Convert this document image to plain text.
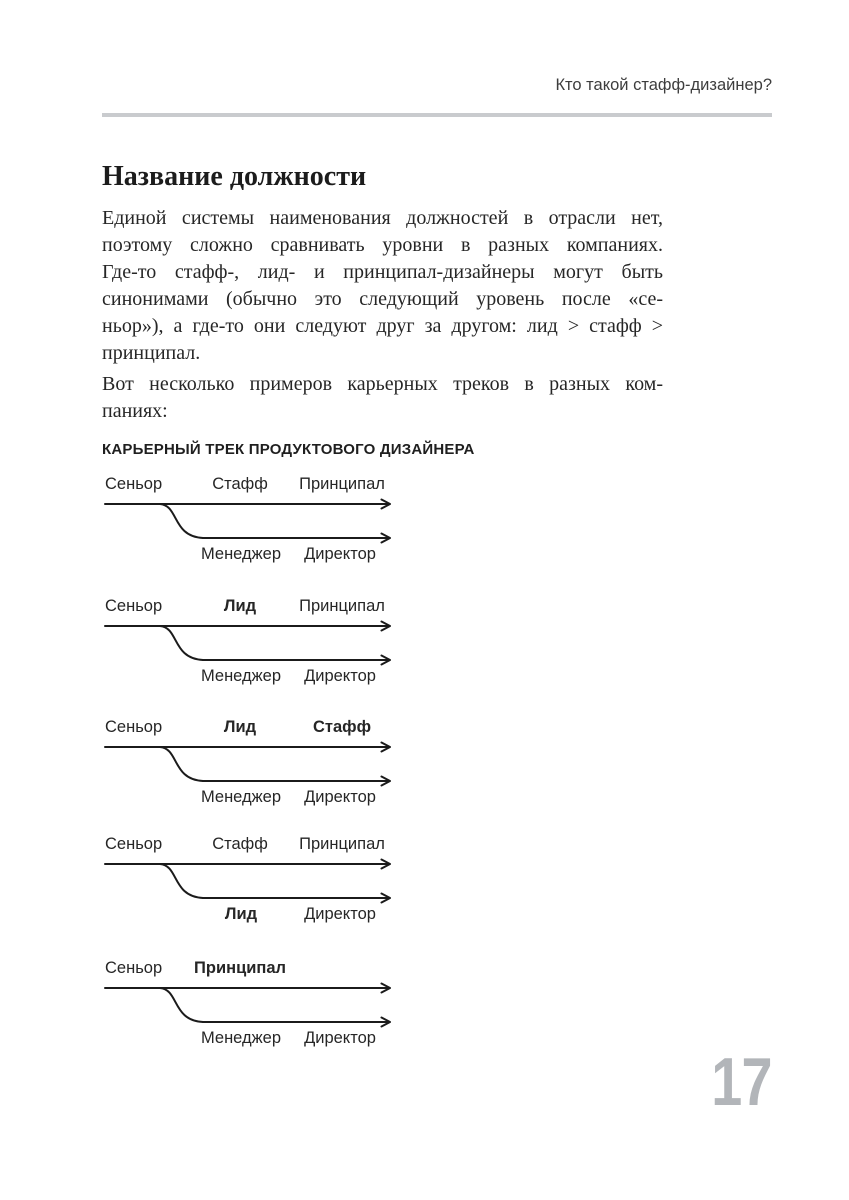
Кто такой стафф-дизайнер?
Название должности
Единой системы наименования должностей в отрасли нет,
поэтому сложно сравнивать уровни в разных компаниях.
Где-то стафф-, лид- и принципал-дизайнеры могут быть
синонимами (обычно это следующий уровень после «се-
ньор»), а где-то они следуют друг за другом: лид > стафф >
принципал.
Вот несколько примеров карьерных треков в разных ком-
паниях:
КАРЬЕРНЫЙ ТРЕК ПРОДУКТОВОГО ДИЗАЙНЕРА
Сеньор	Стафф Принципал
Менеджер Директор
Сеньор	Лид	Принципал
Менеджер Директор
Сеньор	Лид	Стафф
Менеджер Директор
Сеньор	Стафф Принципал
Лид	Директор
Сеньор Принципал
Менеджер Директор
17
